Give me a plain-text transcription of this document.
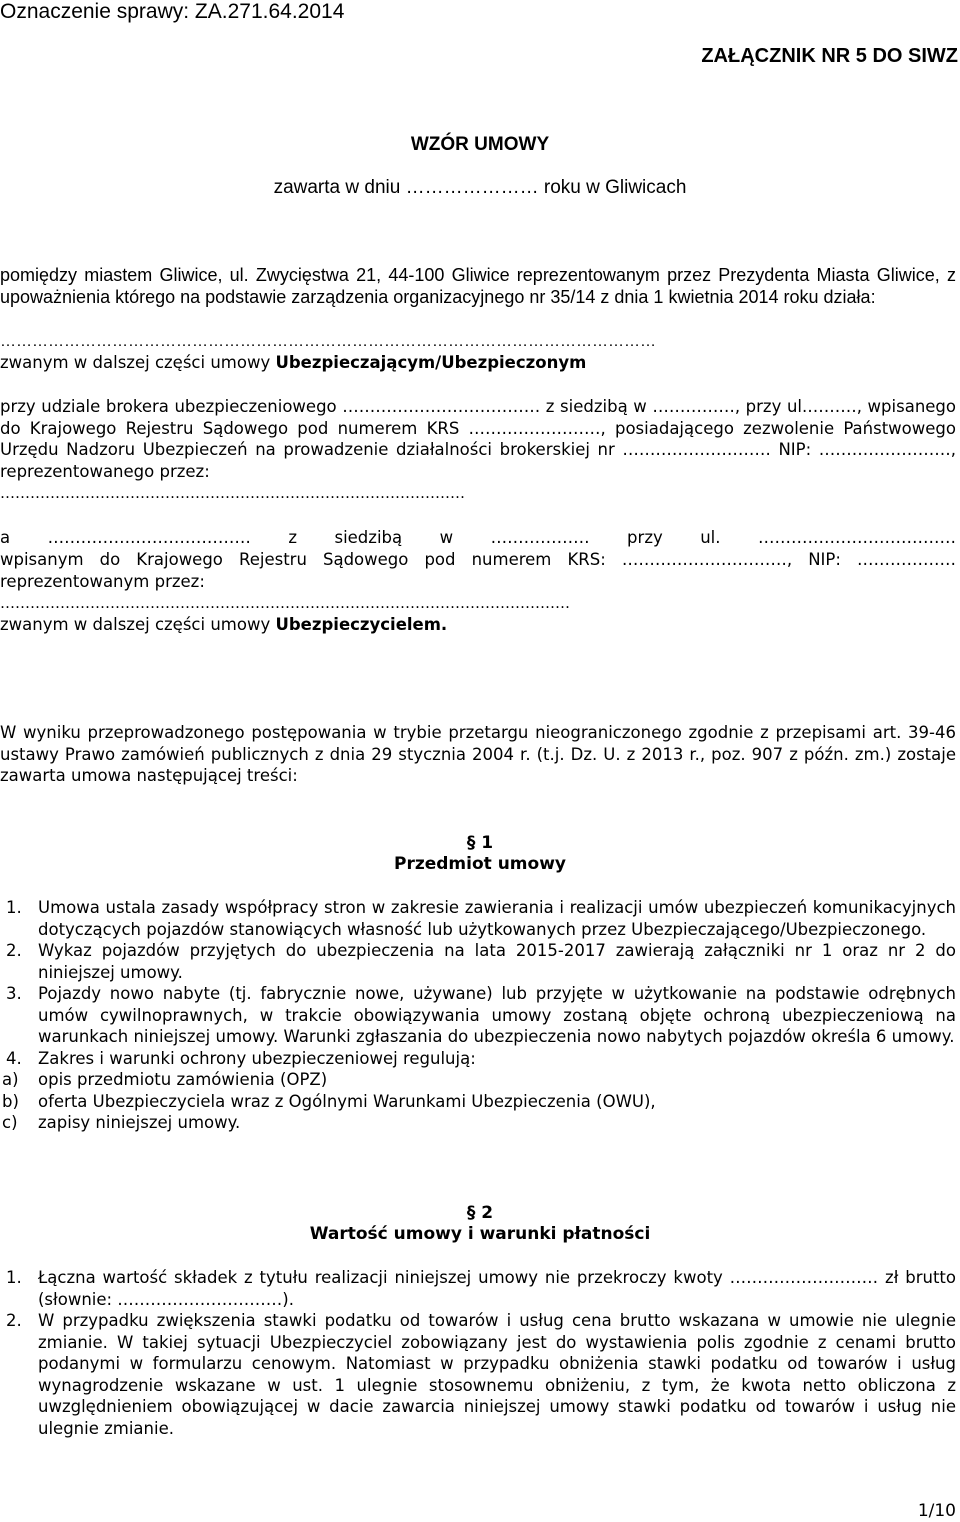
Oznaczenie sprawy: ZA.271.64.2014
ZAŁĄCZNIK NR 5 DO SIWZ
WZÓR UMOWY
zawarta w dniu ………………… roku w Gliwicach
pomiędzy miastem Gliwice, ul. Zwycięstwa 21, 44-100 Gliwice reprezentowanym przez Prezydenta Miasta Gliwice, z upoważnienia którego na podstawie zarządzenia organizacyjnego nr 35/14 z dnia 1 kwietnia 2014 roku działa:
……………………………………………………………………………………………………………
zwanym w dalszej części umowy Ubezpieczającym/Ubezpieczonym
przy udziale brokera ubezpieczeniowego ……………………………… z siedzibą w ……………, przy ul.………, wpisanego do Krajowego Rejestru Sądowego pod numerem KRS ……………………, posiadającego zezwolenie Państwowego Urzędu Nadzoru Ubezpieczeń na prowadzenie działalności brokerskiej nr ……………………… NIP: ……………………, reprezentowanego przez:
…………………………………………………………………………………
a …………….………………… z siedzibą w ……………… przy ul. ………………………………
wpisanym do Krajowego Rejestru Sądowego pod numerem KRS: …………………………, NIP: ……………… reprezentowanym przez:
……………………………………………………………………………………………………
zwanym w dalszej części umowy Ubezpieczycielem.
W wyniku przeprowadzonego postępowania w trybie przetargu nieograniczonego zgodnie z przepisami art. 39-46 ustawy Prawo zamówień publicznych z dnia 29 stycznia 2004 r. (t.j. Dz. U. z 2013 r., poz. 907 z późn. zm.) zostaje zawarta umowa następującej treści:
§ 1
Przedmiot umowy
1. Umowa ustala zasady współpracy stron w zakresie zawierania i realizacji umów ubezpieczeń komunikacyjnych dotyczących pojazdów stanowiących własność lub użytkowanych przez Ubezpieczającego/Ubezpieczonego.
2. Wykaz pojazdów przyjętych do ubezpieczenia na lata 2015-2017 zawierają załączniki nr 1 oraz nr 2 do niniejszej umowy.
3. Pojazdy nowo nabyte (tj. fabrycznie nowe, używane) lub przyjęte w użytkowanie na podstawie odrębnych umów cywilnoprawnych, w trakcie obowiązywania umowy zostaną objęte ochroną ubezpieczeniową na warunkach niniejszej umowy. Warunki zgłaszania do ubezpieczenia nowo nabytych pojazdów określa 6 umowy.
4. Zakres i warunki ochrony ubezpieczeniowej regulują:
a) opis przedmiotu zamówienia (OPZ)
b) oferta Ubezpieczyciela wraz z Ogólnymi Warunkami Ubezpieczenia (OWU),
c) zapisy niniejszej umowy.
§ 2
Wartość umowy i warunki płatności
1. Łączna wartość składek z tytułu realizacji niniejszej umowy nie przekroczy kwoty ……………………… zł brutto (słownie: …………………………).
2. W przypadku zwiększenia stawki podatku od towarów i usług cena brutto wskazana w umowie nie ulegnie zmianie. W takiej sytuacji Ubezpieczyciel zobowiązany jest do wystawienia polis zgodnie z cenami brutto podanymi w formularzu cenowym. Natomiast w przypadku obniżenia stawki podatku od towarów i usług wynagrodzenie wskazane w ust. 1 ulegnie stosownemu obniżeniu, z tym, że kwota netto obliczona z uwzględnieniem obowiązującej w dacie zawarcia niniejszej umowy stawki podatku od towarów i usług nie ulegnie zmianie.
1/10
